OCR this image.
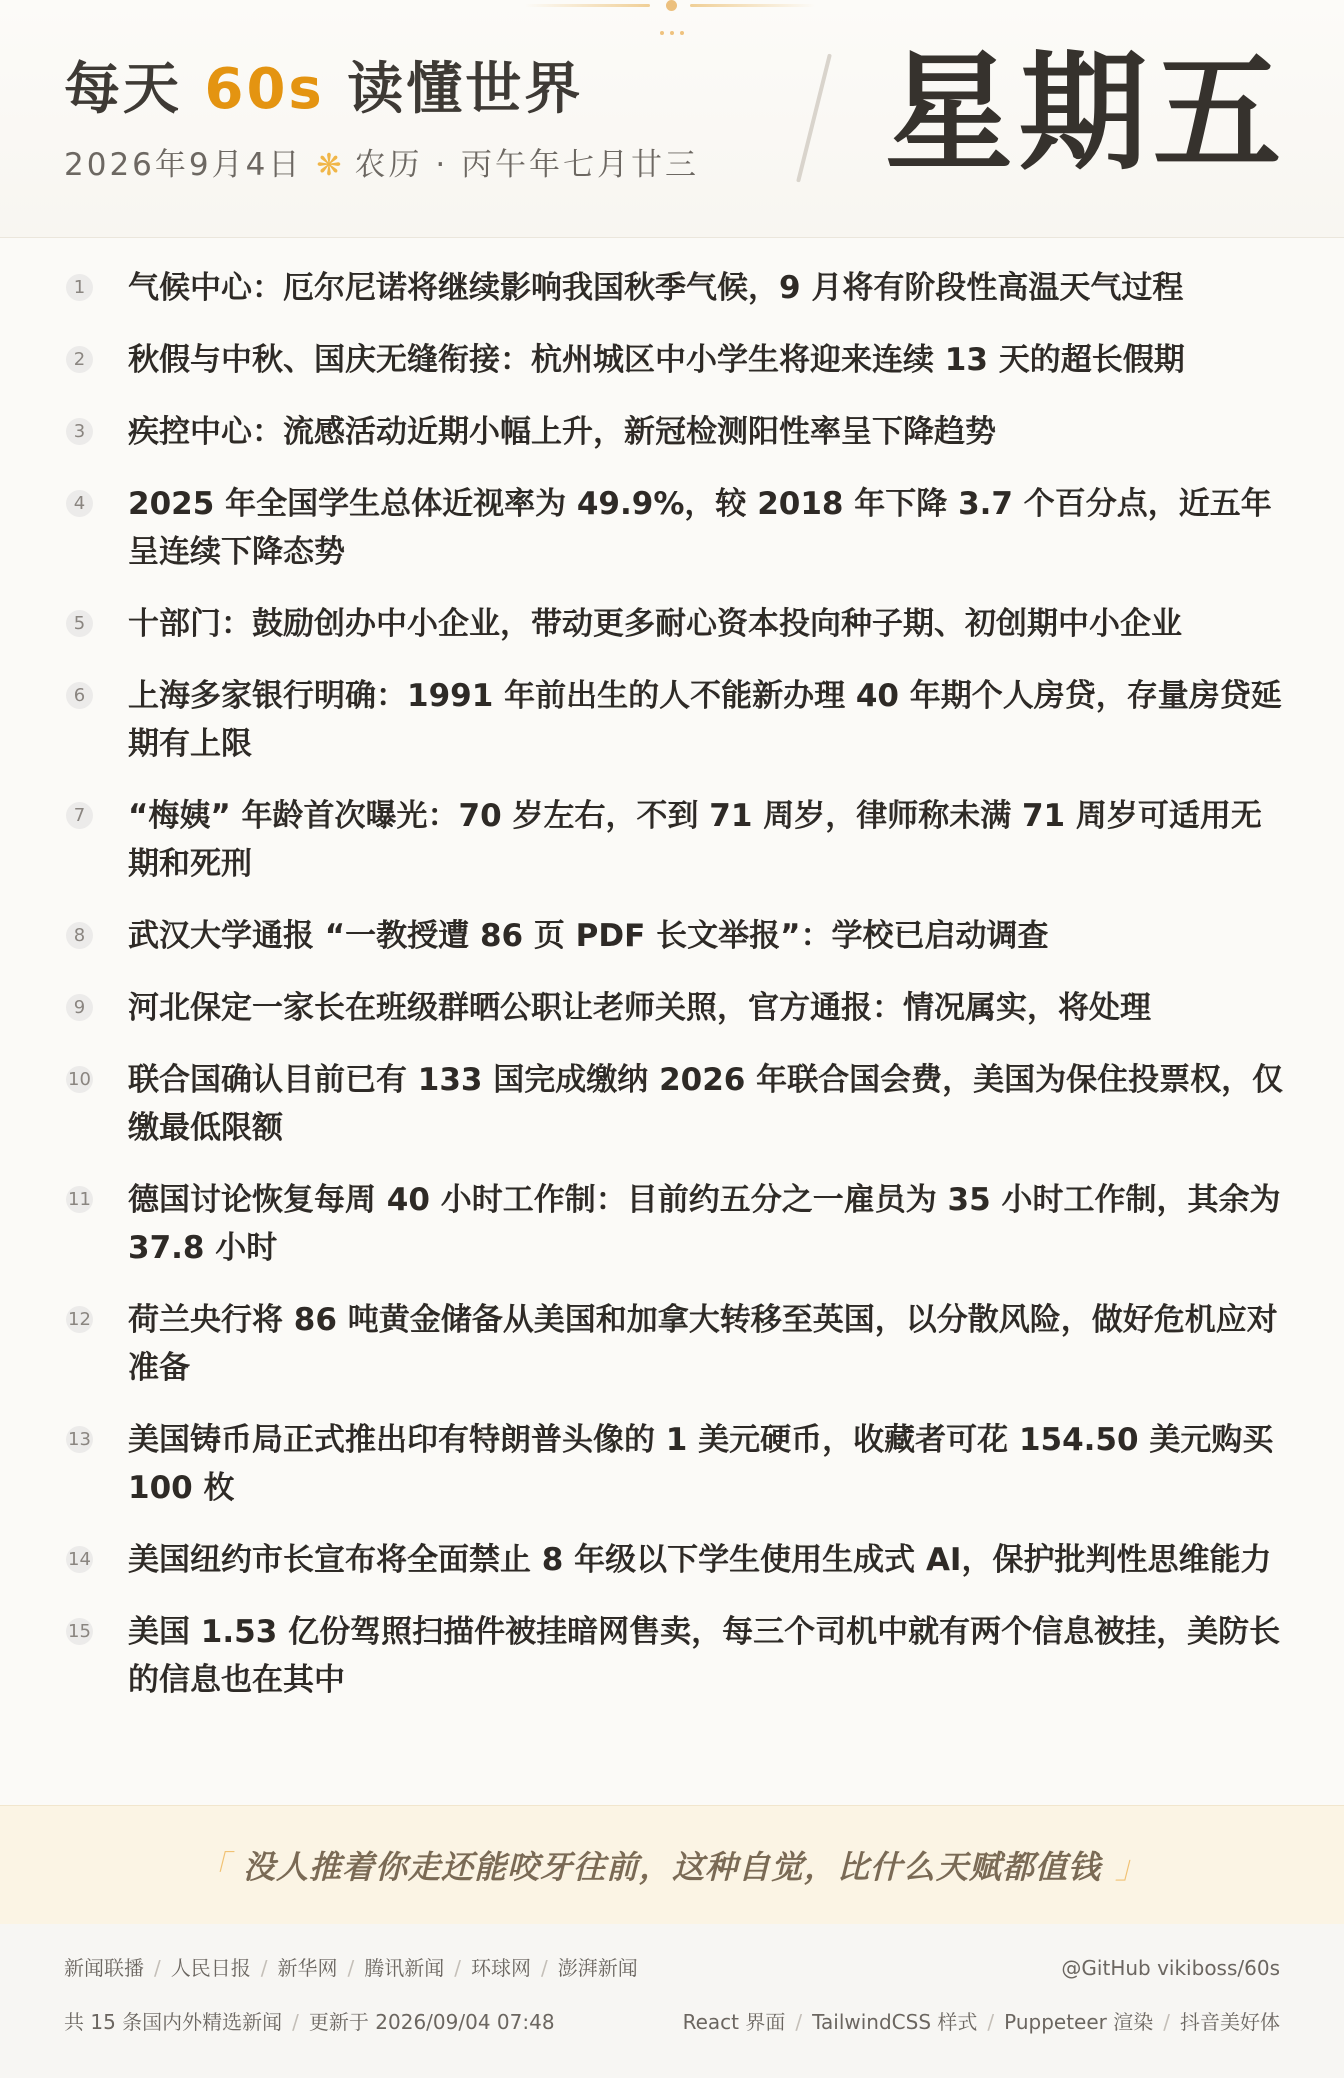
每天 60s 读懂世界
2026年9月4日 ❋ 农历 · 丙午年七月廿三 星期五
1 气候中心：厄尔尼诺将继续影响我国秋季气候，9 月将有阶段性高温天气过程
2 秋假与中秋、国庆无缝衔接：杭州城区中小学生将迎来连续 13 天的超长假期
3 疾控中心：流感活动近期小幅上升，新冠检测阳性率呈下降趋势
4 2025 年全国学生总体近视率为 49.9%，较 2018 年下降 3.7 个百分点，近五年呈连续下降态势
5 十部门：鼓励创办中小企业，带动更多耐心资本投向种子期、初创期中小企业
6 上海多家银行明确：1991 年前出生的人不能新办理 40 年期个人房贷，存量房贷延期有上限
7 “梅姨” 年龄首次曝光：70 岁左右，不到 71 周岁，律师称未满 71 周岁可适用无期和死刑
8 武汉大学通报 “一教授遭 86 页 PDF 长文举报”：学校已启动调查
9 河北保定一家长在班级群晒公职让老师关照，官方通报：情况属实，将处理
10 联合国确认目前已有 133 国完成缴纳 2026 年联合国会费，美国为保住投票权，仅缴最低限额
11 德国讨论恢复每周 40 小时工作制：目前约五分之一雇员为 35 小时工作制，其余为 37.8 小时
12 荷兰央行将 86 吨黄金储备从美国和加拿大转移至英国，以分散风险，做好危机应对准备
13 美国铸币局正式推出印有特朗普头像的 1 美元硬币，收藏者可花 154.50 美元购买 100 枚
14 美国纽约市长宣布将全面禁止 8 年级以下学生使用生成式 AI，保护批判性思维能力
15 美国 1.53 亿份驾照扫描件被挂暗网售卖，每三个司机中就有两个信息被挂，美防长的信息也在其中
「 没人推着你走还能咬牙往前，这种自觉，比什么天赋都值钱 」
新闻联播 / 人民日报 / 新华网 / 腾讯新闻 / 环球网 / 澎湃新闻
共 15 条国内外精选新闻 / 更新于 2026/09/04 07:48
@GitHub vikiboss/60s
React 界面 / TailwindCSS 样式 / Puppeteer 渲染 / 抖音美好体
